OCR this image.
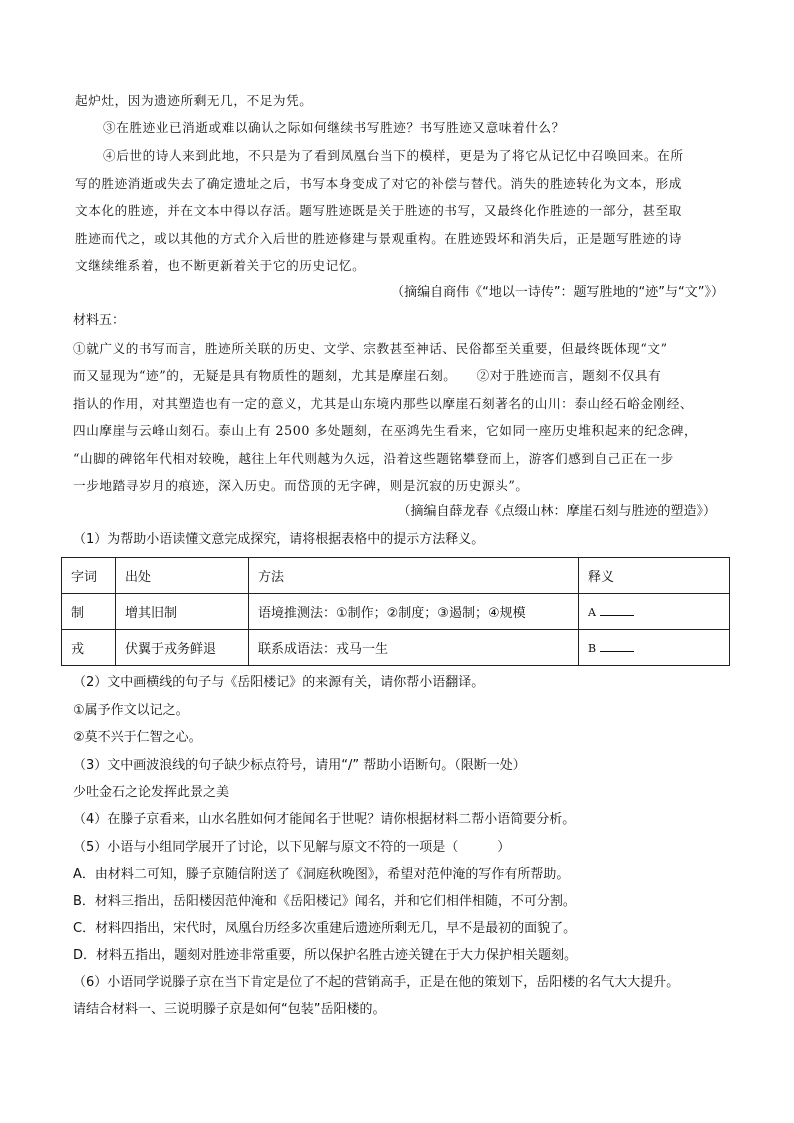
起炉灶，因为遗迹所剩无几，不足为凭。
③在胜迹业已消逝或难以确认之际如何继续书写胜迹？书写胜迹又意味着什么？
④后世的诗人来到此地，不只是为了看到凤凰台当下的模样，更是为了将它从记忆中召唤回来。在所
写的胜迹消逝或失去了确定遗址之后，书写本身变成了对它的补偿与替代。消失的胜迹转化为文本，形成
文本化的胜迹，并在文本中得以存活。题写胜迹既是关于胜迹的书写，又最终化作胜迹的一部分，甚至取
胜迹而代之，或以其他的方式介入后世的胜迹修建与景观重构。在胜迹毁坏和消失后，正是题写胜迹的诗
文继续维系着，也不断更新着关于它的历史记忆。
（摘编自商伟《“地以一诗传”：题写胜地的“迹”与“文”》）
材料五：
①就广义的书写而言，胜迹所关联的历史、文学、宗教甚至神话、民俗都至关重要，但最终既体现“文”
而又显现为“迹”的，无疑是具有物质性的题刻，尤其是摩崖石刻。　　②对于胜迹而言，题刻不仅具有
指认的作用，对其塑造也有一定的意义，尤其是山东境内那些以摩崖石刻著名的山川：泰山经石峪金刚经、
四山摩崖与云峰山刻石。泰山上有 2500 多处题刻，在巫鸿先生看来，它如同一座历史堆积起来的纪念碑，
“山脚的碑铭年代相对较晚，越往上年代则越为久远，沿着这些题铭攀登而上，游客们感到自己正在一步
一步地踏寻岁月的痕迹，深入历史。而岱顶的无字碑，则是沉寂的历史源头”。
（摘编自薛龙春《点缀山林：摩崖石刻与胜迹的塑造》）
（1）为帮助小语读懂文意完成探究，请将根据表格中的提示方法释义。
字词	出处	方法	释义
制	增其旧制	语境推测法：①制作；②制度；③遏制；④规模	A
戎	伏翼于戎务鲜退	联系成语法：戎马一生	B
（2）文中画横线的句子与《岳阳楼记》的来源有关，请你帮小语翻译。
①属予作文以记之。
②莫不兴于仁智之心。
（3）文中画波浪线的句子缺少标点符号，请用“/” 帮助小语断句。（限断一处）
少吐金石之论发挥此景之美
（4）在滕子京看来，山水名胜如何才能闻名于世呢？请你根据材料二帮小语简要分析。
（5）小语与小组同学展开了讨论，以下见解与原文不符的一项是（　　　）
A．由材料二可知，滕子京随信附送了《洞庭秋晚图》，希望对范仲淹的写作有所帮助。
B．材料三指出，岳阳楼因范仲淹和《岳阳楼记》闻名，并和它们相伴相随，不可分割。
C．材料四指出，宋代时，凤凰台历经多次重建后遗迹所剩无几，早不是最初的面貌了。
D．材料五指出，题刻对胜迹非常重要，所以保护名胜古迹关键在于大力保护相关题刻。
（6）小语同学说滕子京在当下肯定是位了不起的营销高手，正是在他的策划下，岳阳楼的名气大大提升。
请结合材料一、三说明滕子京是如何“包装”岳阳楼的。
